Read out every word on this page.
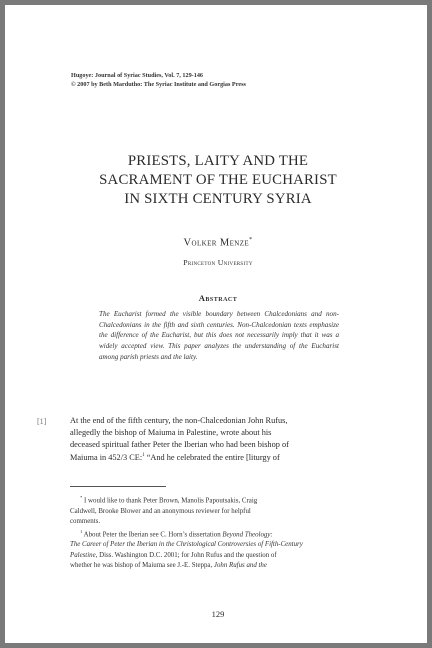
Hugoye: Journal of Syriac Studies, Vol. 7, 129-146
© 2007 by Beth Mardutho: The Syriac Institute and Gorgias Press
PRIESTS, LAITY AND THE
SACRAMENT OF THE EUCHARIST
IN SIXTH CENTURY SYRIA
Volker Menze*
Princeton University
Abstract
The Eucharist formed the visible boundary between Chalcedonians and non-Chalcedonians in the fifth and sixth centuries. Non-Chalcedonian texts emphasize the difference of the Eucharist, but this does not necessarily imply that it was a widely accepted view. This paper analyzes the understanding of the Eucharist among parish priests and the laity.
[1]	At the end of the fifth century, the non-Chalcedonian John Rufus,
allegedly the bishop of Maiuma in Palestine, wrote about his
deceased spiritual father Peter the Iberian who had been bishop of
Maiuma in 452/3 CE:$^1$ “And he celebrated the entire [liturgy of
* I would like to thank Peter Brown, Manolis Papoutsakis, Craig
Caldwell, Brooke Blower and an anonymous reviewer for helpful
comments.
$^1$ About Peter the Iberian see C. Horn’s dissertation Beyond Theology:
The Career of Peter the Iberian in the Christological Controversies of Fifth-Century
Palestine, Diss. Washington D.C. 2001; for John Rufus and the question of
whether he was bishop of Maiuma see J.-E. Steppa, John Rufus and the
129
